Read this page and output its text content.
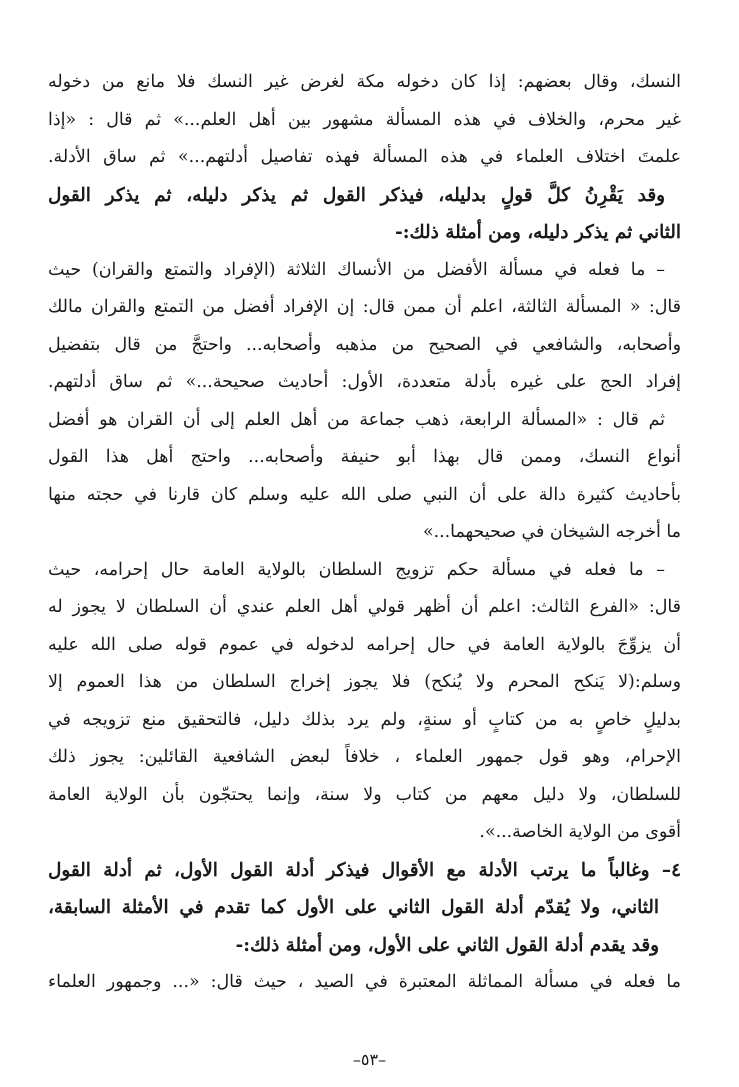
النسك، وقال بعضهم: إذا كان دخوله مكة لغرض غير النسك فلا مانع من دخوله
غير محرم، والخلاف في هذه المسألة مشهور بين أهل العلم...» ثم قال : «إذا
علمتَ اختلاف العلماء في هذه المسألة فهذه تفاصيل أدلتهم...» ثم ساق الأدلة.
وقد يَقْرِنُ كلَّ قولٍ بدليله، فيذكر القول ثم يذكر دليله، ثم يذكر القول
الثاني ثم يذكر دليله، ومن أمثلة ذلك:-
– ما فعله في مسألة الأفضل من الأنساك الثلاثة (الإفراد والتمتع والقران) حيث
قال: « المسألة الثالثة، اعلم أن ممن قال: إن الإفراد أفضل من التمتع والقران مالك
وأصحابه، والشافعي في الصحيح من مذهبه وأصحابه... واحتجَّ من قال بتفضيل
إفراد الحج على غيره بأدلة متعددة، الأول: أحاديث صحيحة...» ثم ساق أدلتهم.
ثم قال : «المسألة الرابعة، ذهب جماعة من أهل العلم إلى أن القران هو أفضل
أنواع النسك، وممن قال بهذا أبو حنيفة وأصحابه... واحتج أهل هذا القول
بأحاديث كثيرة دالة على أن النبي صلى الله عليه وسلم كان قارنا في حجته منها
ما أخرجه الشيخان في صحيحهما...»
– ما فعله في مسألة حكم تزويج السلطان بالولاية العامة حال إحرامه، حيث
قال: «الفرع الثالث: اعلم أن أظهر قولي أهل العلم عندي أن السلطان لا يجوز له
أن يزوِّجَ بالولاية العامة في حال إحرامه لدخوله في عموم قوله صلى الله عليه
وسلم:(لا يَنكح المحرم ولا يُنكح) فلا يجوز إخراج السلطان من هذا العموم إلا
بدليلٍ خاصٍ به من كتابٍ أو سنةٍ، ولم يرد بذلك دليل، فالتحقيق منع تزويجه في
الإحرام، وهو قول جمهور العلماء ، خلافاً لبعض الشافعية القائلين: يجوز ذلك
للسلطان، ولا دليل معهم من كتاب ولا سنة، وإنما يحتجّون بأن الولاية العامة
أقوى من الولاية الخاصة...».
٤– وغالباً ما يرتب الأدلة مع الأقوال فيذكر أدلة القول الأول، ثم أدلة القول
الثاني، ولا يُقدّم أدلة القول الثاني على الأول كما تقدم في الأمثلة السابقة،
وقد يقدم أدلة القول الثاني على الأول، ومن أمثلة ذلك:-
ما فعله في مسألة المماثلة المعتبرة في الصيد ، حيث قال: «... وجمهور العلماء
–٥٣–
